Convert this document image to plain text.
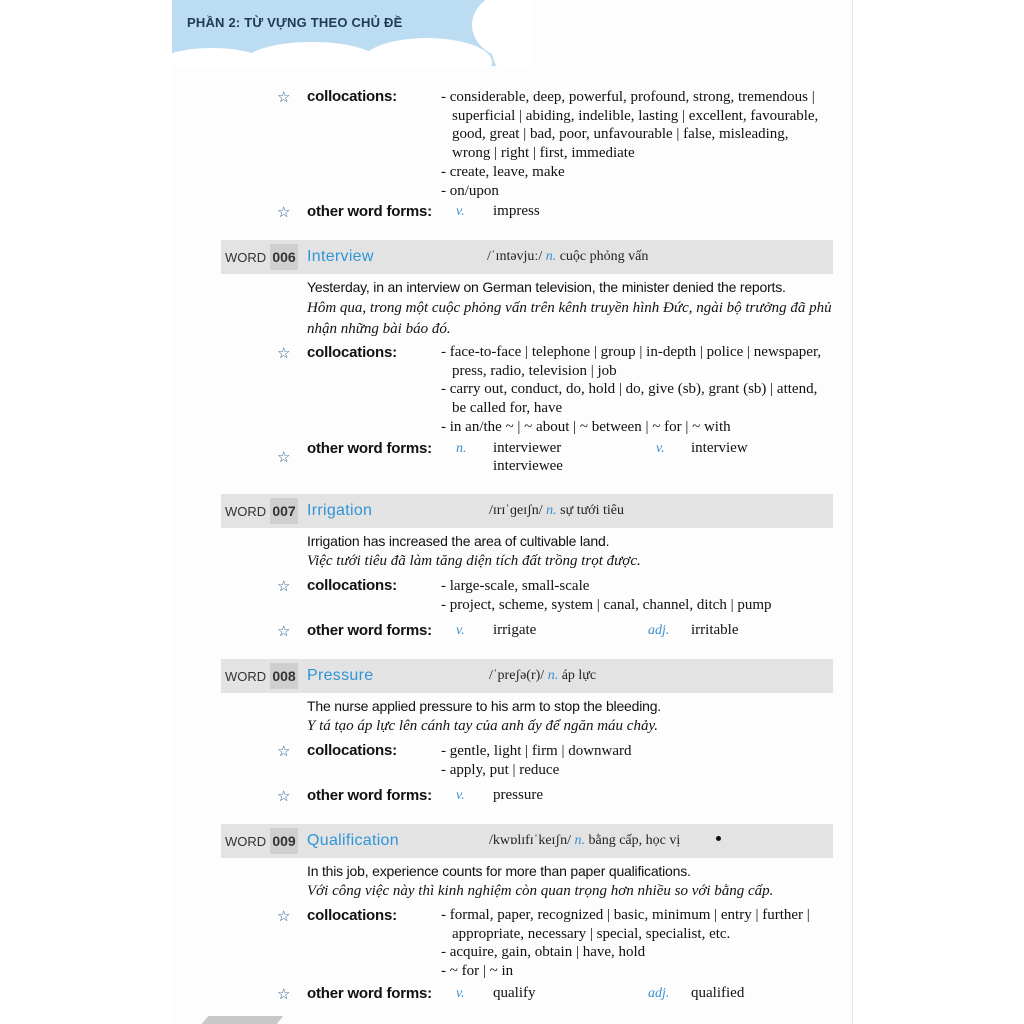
PHẦN 2: TỪ VỰNG THEO CHỦ ĐỀ
☆ collocations:	- considerable, deep, powerful, profound, strong, tremendous |
superficial | abiding, indelible, lasting | excellent, favourable,
good, great | bad, poor, unfavourable | false, misleading,
wrong | right | first, immediate
- create, leave, make
- on/upon
☆ other word forms: v. impress
WORD 006 Interview	/ˈɪntəvjuː/ n. cuộc phỏng vấn
Yesterday, in an interview on German television, the minister denied the reports.
Hôm qua, trong một cuộc phỏng vấn trên kênh truyền hình Đức, ngài bộ trưởng đã phủ nhận những bài báo đó.
☆ collocations:	- face-to-face | telephone | group | in-depth | police | newspaper,
press, radio, television | job
- carry out, conduct, do, hold | do, give (sb), grant (sb) | attend,
be called for, have
- in an/the ~ | ~ about | ~ between | ~ for | ~ with
☆ other word forms: n. interviewer
interviewee
v. interview
WORD 007 Irrigation	/ɪrɪˈɡeɪʃn/ n. sự tưới tiêu
Irrigation has increased the area of cultivable land.
Việc tưới tiêu đã làm tăng diện tích đất trồng trọt được.
☆ collocations:	- large-scale, small-scale
- project, scheme, system | canal, channel, ditch | pump
☆ other word forms: v. irrigate	adj. irritable
WORD 008 Pressure	/ˈpreʃə(r)/ n. áp lực
The nurse applied pressure to his arm to stop the bleeding.
Y tá tạo áp lực lên cánh tay của anh ấy để ngăn máu chảy.
☆ collocations:	- gentle, light | firm | downward
- apply, put | reduce
☆ other word forms: v. pressure
WORD 009 Qualification	/kwɒlɪfɪˈkeɪʃn/ n. bằng cấp, học vị
In this job, experience counts for more than paper qualifications.
Với công việc này thì kinh nghiệm còn quan trọng hơn nhiều so với bằng cấp.
☆ collocations:	- formal, paper, recognized | basic, minimum | entry | further |
appropriate, necessary | special, specialist, etc.
- acquire, gain, obtain | have, hold
- ~ for | ~ in
☆ other word forms: v. qualify	adj. qualified
